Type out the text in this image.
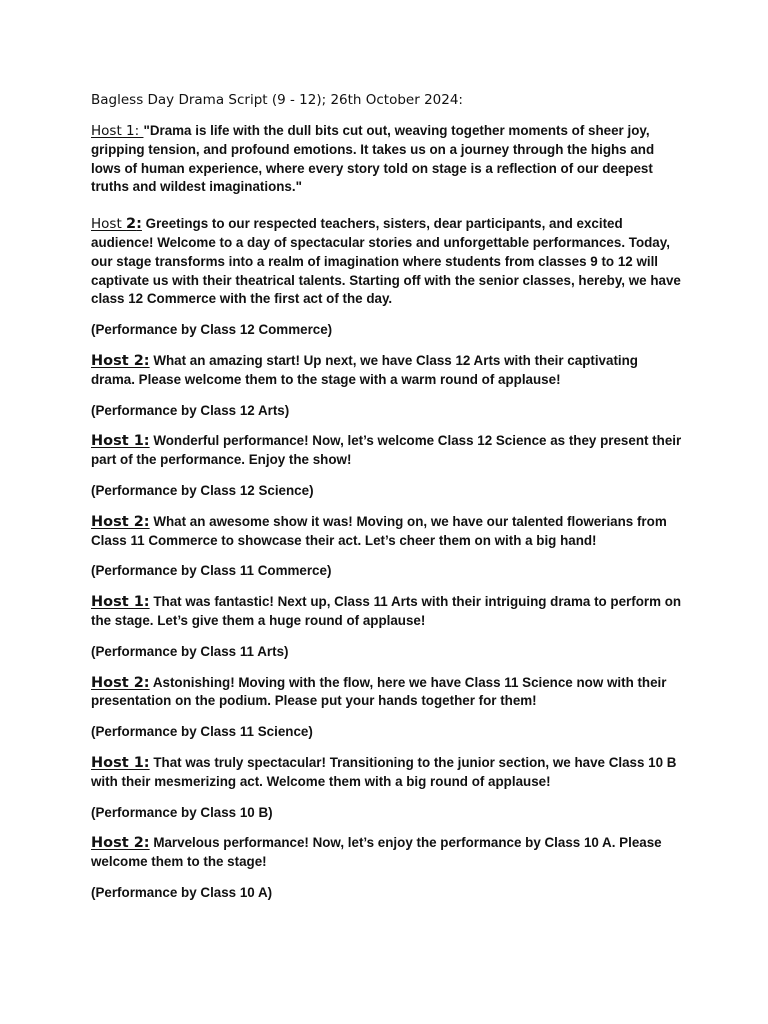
Bagless Day Drama Script (9 - 12); 26th October 2024:

Host 1: "Drama is life with the dull bits cut out, weaving together moments of sheer joy, gripping tension, and profound emotions. It takes us on a journey through the highs and lows of human experience, where every story told on stage is a reflection of our deepest truths and wildest imaginations."

Host 2: Greetings to our respected teachers, sisters, dear participants, and excited audience! Welcome to a day of spectacular stories and unforgettable performances. Today, our stage transforms into a realm of imagination where students from classes 9 to 12 will captivate us with their theatrical talents. Starting off with the senior classes, hereby, we have class 12 Commerce with the first act of the day.

(Performance by Class 12 Commerce)

Host 2: What an amazing start! Up next, we have Class 12 Arts with their captivating drama. Please welcome them to the stage with a warm round of applause!

(Performance by Class 12 Arts)

Host 1: Wonderful performance! Now, let’s welcome Class 12 Science as they present their part of the performance. Enjoy the show!

(Performance by Class 12 Science)

Host 2: What an awesome show it was! Moving on, we have our talented flowerians from Class 11 Commerce to showcase their act. Let’s cheer them on with a big hand!

(Performance by Class 11 Commerce)

Host 1: That was fantastic! Next up, Class 11 Arts with their intriguing drama to perform on the stage. Let’s give them a huge round of applause!

(Performance by Class 11 Arts)

Host 2: Astonishing! Moving with the flow, here we have Class 11 Science now with their presentation on the podium. Please put your hands together for them!

(Performance by Class 11 Science)

Host 1: That was truly spectacular! Transitioning to the junior section, we have Class 10 B with their mesmerizing act. Welcome them with a big round of applause!

(Performance by Class 10 B)

Host 2: Marvelous performance! Now, let’s enjoy the performance by Class 10 A. Please welcome them to the stage!

(Performance by Class 10 A)
